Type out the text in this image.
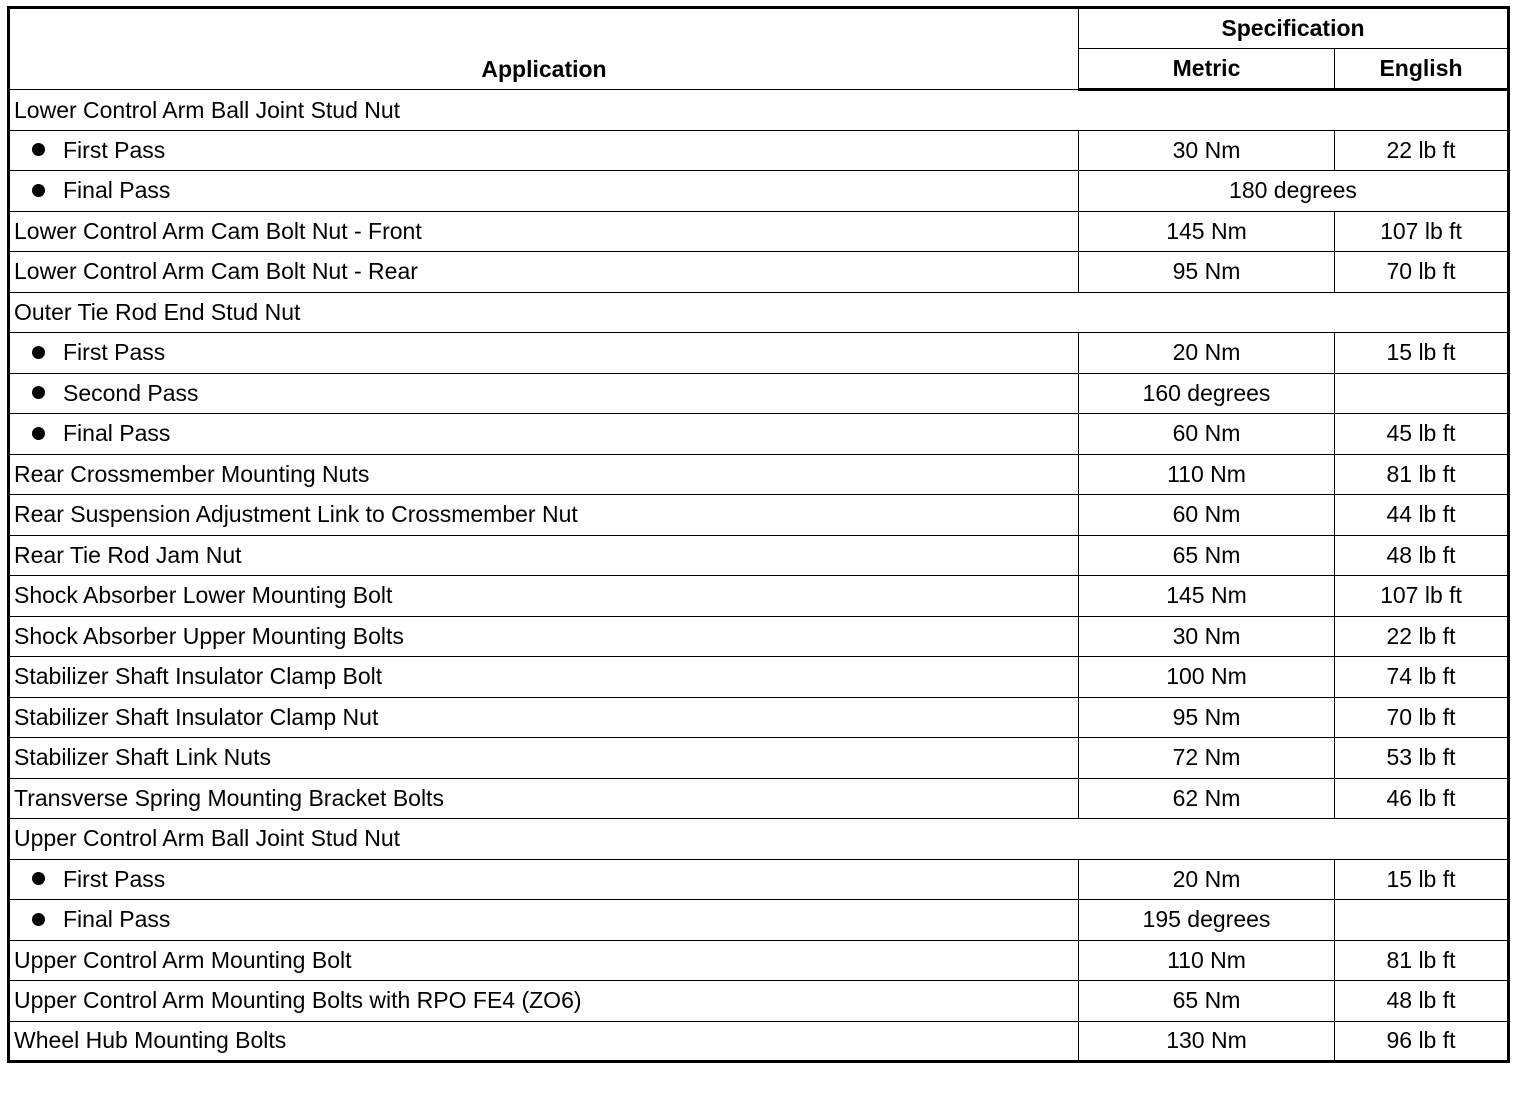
Application	Specification	
	Metric	English
Lower Control Arm Ball Joint Stud Nut		
First Pass	30 Nm	22 lb ft
Final Pass	180 degrees	
Lower Control Arm Cam Bolt Nut - Front	145 Nm	107 lb ft
Lower Control Arm Cam Bolt Nut - Rear	95 Nm	70 lb ft
Outer Tie Rod End Stud Nut		
First Pass	20 Nm	15 lb ft
Second Pass	160 degrees	
Final Pass	60 Nm	45 lb ft
Rear Crossmember Mounting Nuts	110 Nm	81 lb ft
Rear Suspension Adjustment Link to Crossmember Nut	60 Nm	44 lb ft
Rear Tie Rod Jam Nut	65 Nm	48 lb ft
Shock Absorber Lower Mounting Bolt	145 Nm	107 lb ft
Shock Absorber Upper Mounting Bolts	30 Nm	22 lb ft
Stabilizer Shaft Insulator Clamp Bolt	100 Nm	74 lb ft
Stabilizer Shaft Insulator Clamp Nut	95 Nm	70 lb ft
Stabilizer Shaft Link Nuts	72 Nm	53 lb ft
Transverse Spring Mounting Bracket Bolts	62 Nm	46 lb ft
Upper Control Arm Ball Joint Stud Nut		
First Pass	20 Nm	15 lb ft
Final Pass	195 degrees	
Upper Control Arm Mounting Bolt	110 Nm	81 lb ft
Upper Control Arm Mounting Bolts with RPO FE4 (ZO6)	65 Nm	48 lb ft
Wheel Hub Mounting Bolts	130 Nm	96 lb ft
